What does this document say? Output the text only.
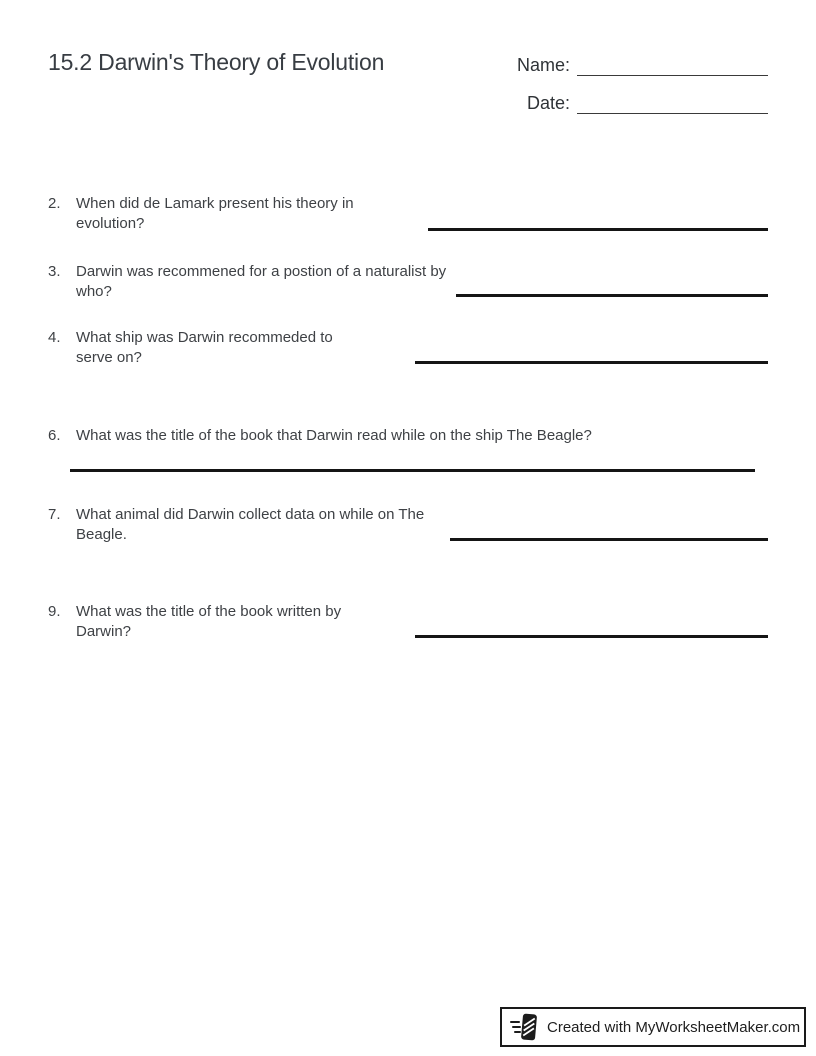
15.2 Darwin's Theory of Evolution	Name:
Date:
2.	When did de Lamark present his theory in evolution?
3.	Darwin was recommened for a postion of a naturalist by who?
4.	What ship was Darwin recommeded to serve on?
6.	What was the title of the book that Darwin read while on the ship The Beagle?
7.	What animal did Darwin collect data on while on The Beagle.
9.	What was the title of the book written by Darwin?
Created with MyWorksheetMaker.com
